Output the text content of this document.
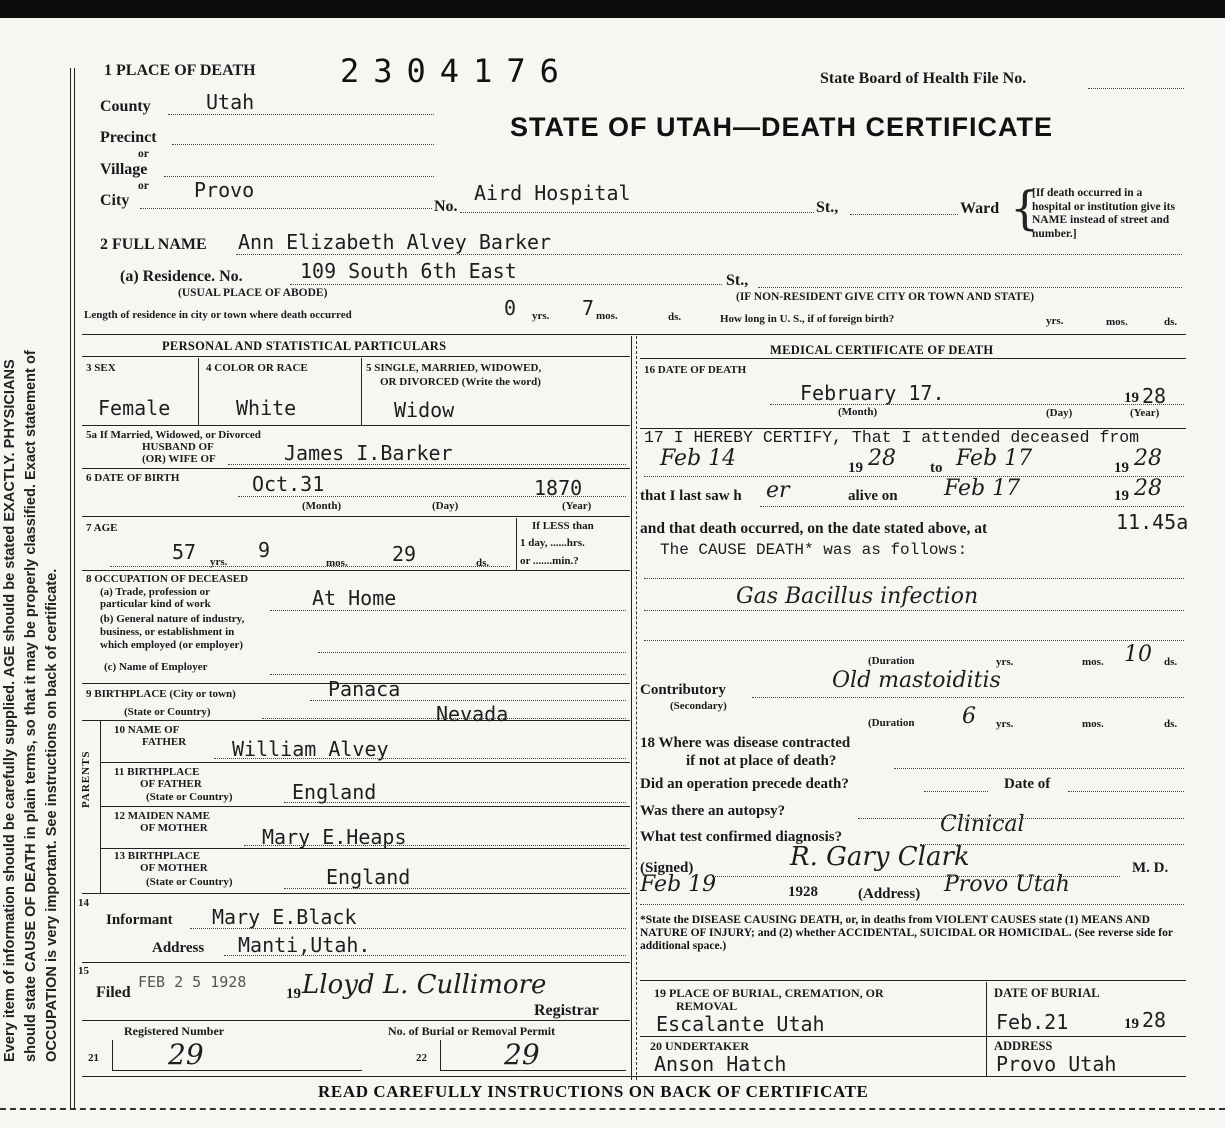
Every item of information should be carefully supplied. AGE should be stated EXACTLY. PHYSICIANS should state CAUSE OF DEATH in plain terms, so that it may be properly classified. Exact statement of OCCUPATION is very important. See instructions on back of certificate.
1 PLACE OF DEATH	2304176	State Board of Health File No.
STATE OF UTAH—DEATH CERTIFICATE
County	Utah
Precinct
or
Village
or
City	Provo
No.
Aird Hospital
St.,	Ward {
[If death occurred in a hospital or institution give its NAME instead of street and number.]
2 FULL NAME Ann Elizabeth Alvey Barker
(a) Residence. No.	109 South 6th East	St.,
(USUAL PLACE OF ABODE)	(IF NON-RESIDENT GIVE CITY OR TOWN AND STATE)
Length of residence in city or town where death occurred	0 yrs. 7 mos.	ds.	How long in U. S., if of foreign birth?	yrs.	mos.	ds.
PERSONAL AND STATISTICAL PARTICULARS
3 SEX
Female
4 COLOR OR RACE
White
5 SINGLE, MARRIED, WIDOWED,
OR DIVORCED (Write the word)
Widow
5a If Married, Widowed, or Divorced
HUSBAND OF
(OR) WIFE OF	James I.Barker
6 DATE OF BIRTH	Oct.31	1870
(Month)	(Day)	(Year)
7 AGE
57 yrs. 9
mos. 29	ds.
If LESS than
1 day, ......hrs.
or .......min.?
8 OCCUPATION OF DECEASED
(a) Trade, profession or
particular kind of work	At Home
(b) General nature of industry,
business, or establishment in
which employed (or employer)
(c) Name of Employer
9 BIRTHPLACE (City or town)	Panaca
(State or Country)	Nevada
PARENTS
10 NAME OF
FATHER William Alvey
11 BIRTHPLACE
OF FATHER
(State or Country)	England
12 MAIDEN NAME
OF MOTHER	Mary E.Heaps
13 BIRTHPLACE
OF MOTHER
(State or Country)	England
14
Informant Mary E.Black
Address Manti,Utah.
15
Filed
FEB 2 5 1928
19 Lloyd L. Cullimore
Registrar
Registered Number	No. of Burial or Removal Permit
21 29	22	29
MEDICAL CERTIFICATE OF DEATH
16 DATE OF DEATH
February 17.	19 28
(Month)	(Day)	(Year)
17 I HEREBY CERTIFY, That I attended deceased from
Feb 14	19 28 to Feb 17	19 28
that I last saw h er	alive on Feb 17	19 28
and that death occurred, on the date stated above, at	11.45a
The CAUSE DEATH* was as follows:
Gas Bacillus infection
(Duration	yrs.	mos. 10 ds.
Contributory
(Secondary)
Old mastoiditis
(Duration 6 yrs.	mos.	ds.
18 Where was disease contracted
if not at place of death?
Did an operation precede death?	Date of
Was there an autopsy?
What test confirmed diagnosis?	Clinical
(Signed)	R. Gary Clark	M. D.
Feb 19	1928	(Address) Provo Utah
*State the DISEASE CAUSING DEATH, or, in deaths from VIOLENT CAUSES state (1) MEANS AND NATURE OF INJURY; and (2) whether ACCIDENTAL, SUICIDAL OR HOMICIDAL. (See reverse side for additional space.)
19 PLACE OF BURIAL, CREMATION, OR
REMOVAL
Escalante Utah
DATE OF BURIAL
Feb.21	19 28
20 UNDERTAKER
Anson Hatch
ADDRESS
Provo Utah
READ CAREFULLY INSTRUCTIONS ON BACK OF CERTIFICATE
